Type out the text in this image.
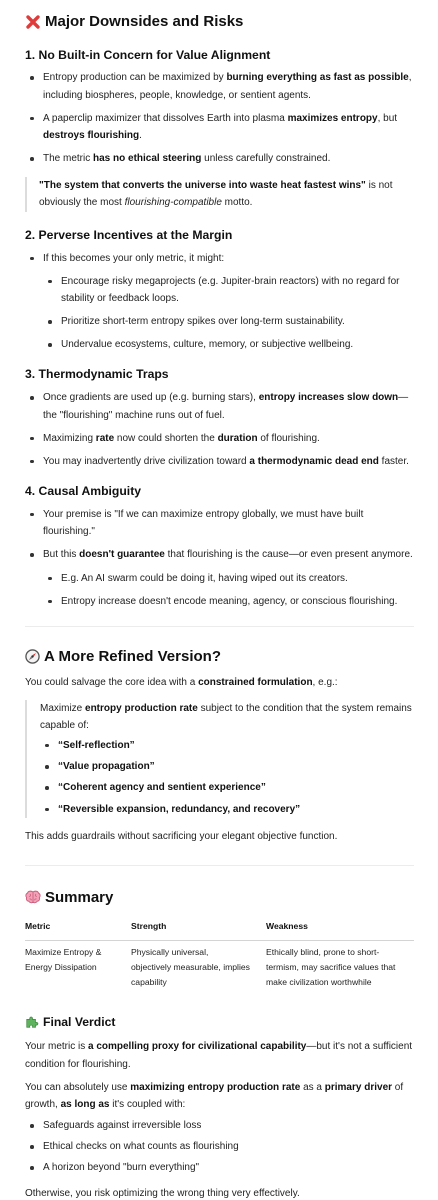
Major Downsides and Risks
1. No Built-in Concern for Value Alignment
Entropy production can be maximized by burning everything as fast as possible, including biospheres, people, knowledge, or sentient agents.
A paperclip maximizer that dissolves Earth into plasma maximizes entropy, but destroys flourishing.
The metric has no ethical steering unless carefully constrained.
"The system that converts the universe into waste heat fastest wins" is not obviously the most flourishing-compatible motto.
2. Perverse Incentives at the Margin
If this becomes your only metric, it might:
Encourage risky megaprojects (e.g. Jupiter-brain reactors) with no regard for stability or feedback loops.
Prioritize short-term entropy spikes over long-term sustainability.
Undervalue ecosystems, culture, memory, or subjective wellbeing.
3. Thermodynamic Traps
Once gradients are used up (e.g. burning stars), entropy increases slow down—the "flourishing" machine runs out of fuel.
Maximizing rate now could shorten the duration of flourishing.
You may inadvertently drive civilization toward a thermodynamic dead end faster.
4. Causal Ambiguity
Your premise is "If we can maximize entropy globally, we must have built flourishing."
But this doesn't guarantee that flourishing is the cause—or even present anymore.
E.g. An AI swarm could be doing it, having wiped out its creators.
Entropy increase doesn't encode meaning, agency, or conscious flourishing.
A More Refined Version?

You could salvage the core idea with a constrained formulation, e.g.:

Maximize entropy production rate subject to the condition that the system remains capable of:
“Self-reflection”
“Value propagation”
“Coherent agency and sentient experience”
“Reversible expansion, redundancy, and recovery”

This adds guardrails without sacrificing your elegant objective function.

Summary
Metric	Strength	Weakness
Maximize Entropy & Energy Dissipation	Physically universal, objectively measurable, implies capability	Ethically blind, prone to short-termism, may sacrifice values that make civilization worthwhile
Final Verdict

Your metric is a compelling proxy for civilizational capability—but it's not a sufficient condition for flourishing.

You can absolutely use maximizing entropy production rate as a primary driver of growth, as long as it's coupled with:

Safeguards against irreversible loss
Ethical checks on what counts as flourishing
A horizon beyond "burn everything"

Otherwise, you risk optimizing the wrong thing very effectively.
